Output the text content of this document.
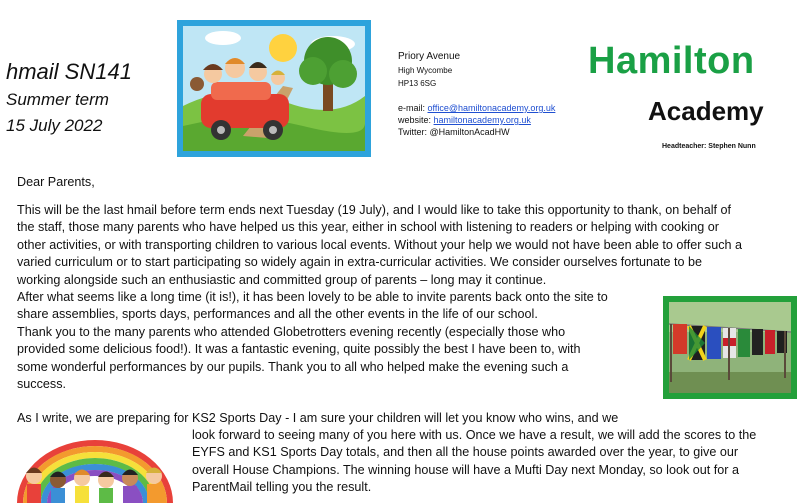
hmail SN141
Summer term
15 July 2022
Priory Avenue
High Wycombe
HP13 6SG
e-mail: office@hamiltonacademy.org.uk
website: hamiltonacademy.org.uk
Twitter: @HamiltonAcadHW
Hamilton
Academy
Headteacher: Stephen Nunn
Dear Parents,
This will be the last hmail before term ends next Tuesday (19 July), and I would like to take this opportunity to thank, on behalf of
the staff, those many parents who have helped us this year, either in school with listening to readers or helping with cooking or
other activities, or with transporting children to various local events. Without your help we would not have been able to offer such a
varied curriculum or to start participating so widely again in extra-curricular activities. We consider ourselves fortunate to be
working alongside such an enthusiastic and committed group of parents – long may it continue.
After what seems like a long time (it is!), it has been lovely to be able to invite parents back onto the site to
share assemblies, sports days, performances and all the other events in the life of our school.
Thank you to the many parents who attended Globetrotters evening recently (especially those who
provided some delicious food!). It was a fantastic evening, quite possibly the best I have been to, with
some wonderful performances by our pupils. Thank you to all who helped make the evening such a
success.
As I write, we are preparing for KS2 Sports Day - I am sure your children will let you know who wins, and we
look forward to seeing many of you here with us. Once we have a result, we will add the scores to the
EYFS and KS1 Sports Day totals, and then all the house points awarded over the year, to give our
overall House Champions. The winning house will have a Mufti Day next Monday, so look out for a
ParentMail telling you the result.
